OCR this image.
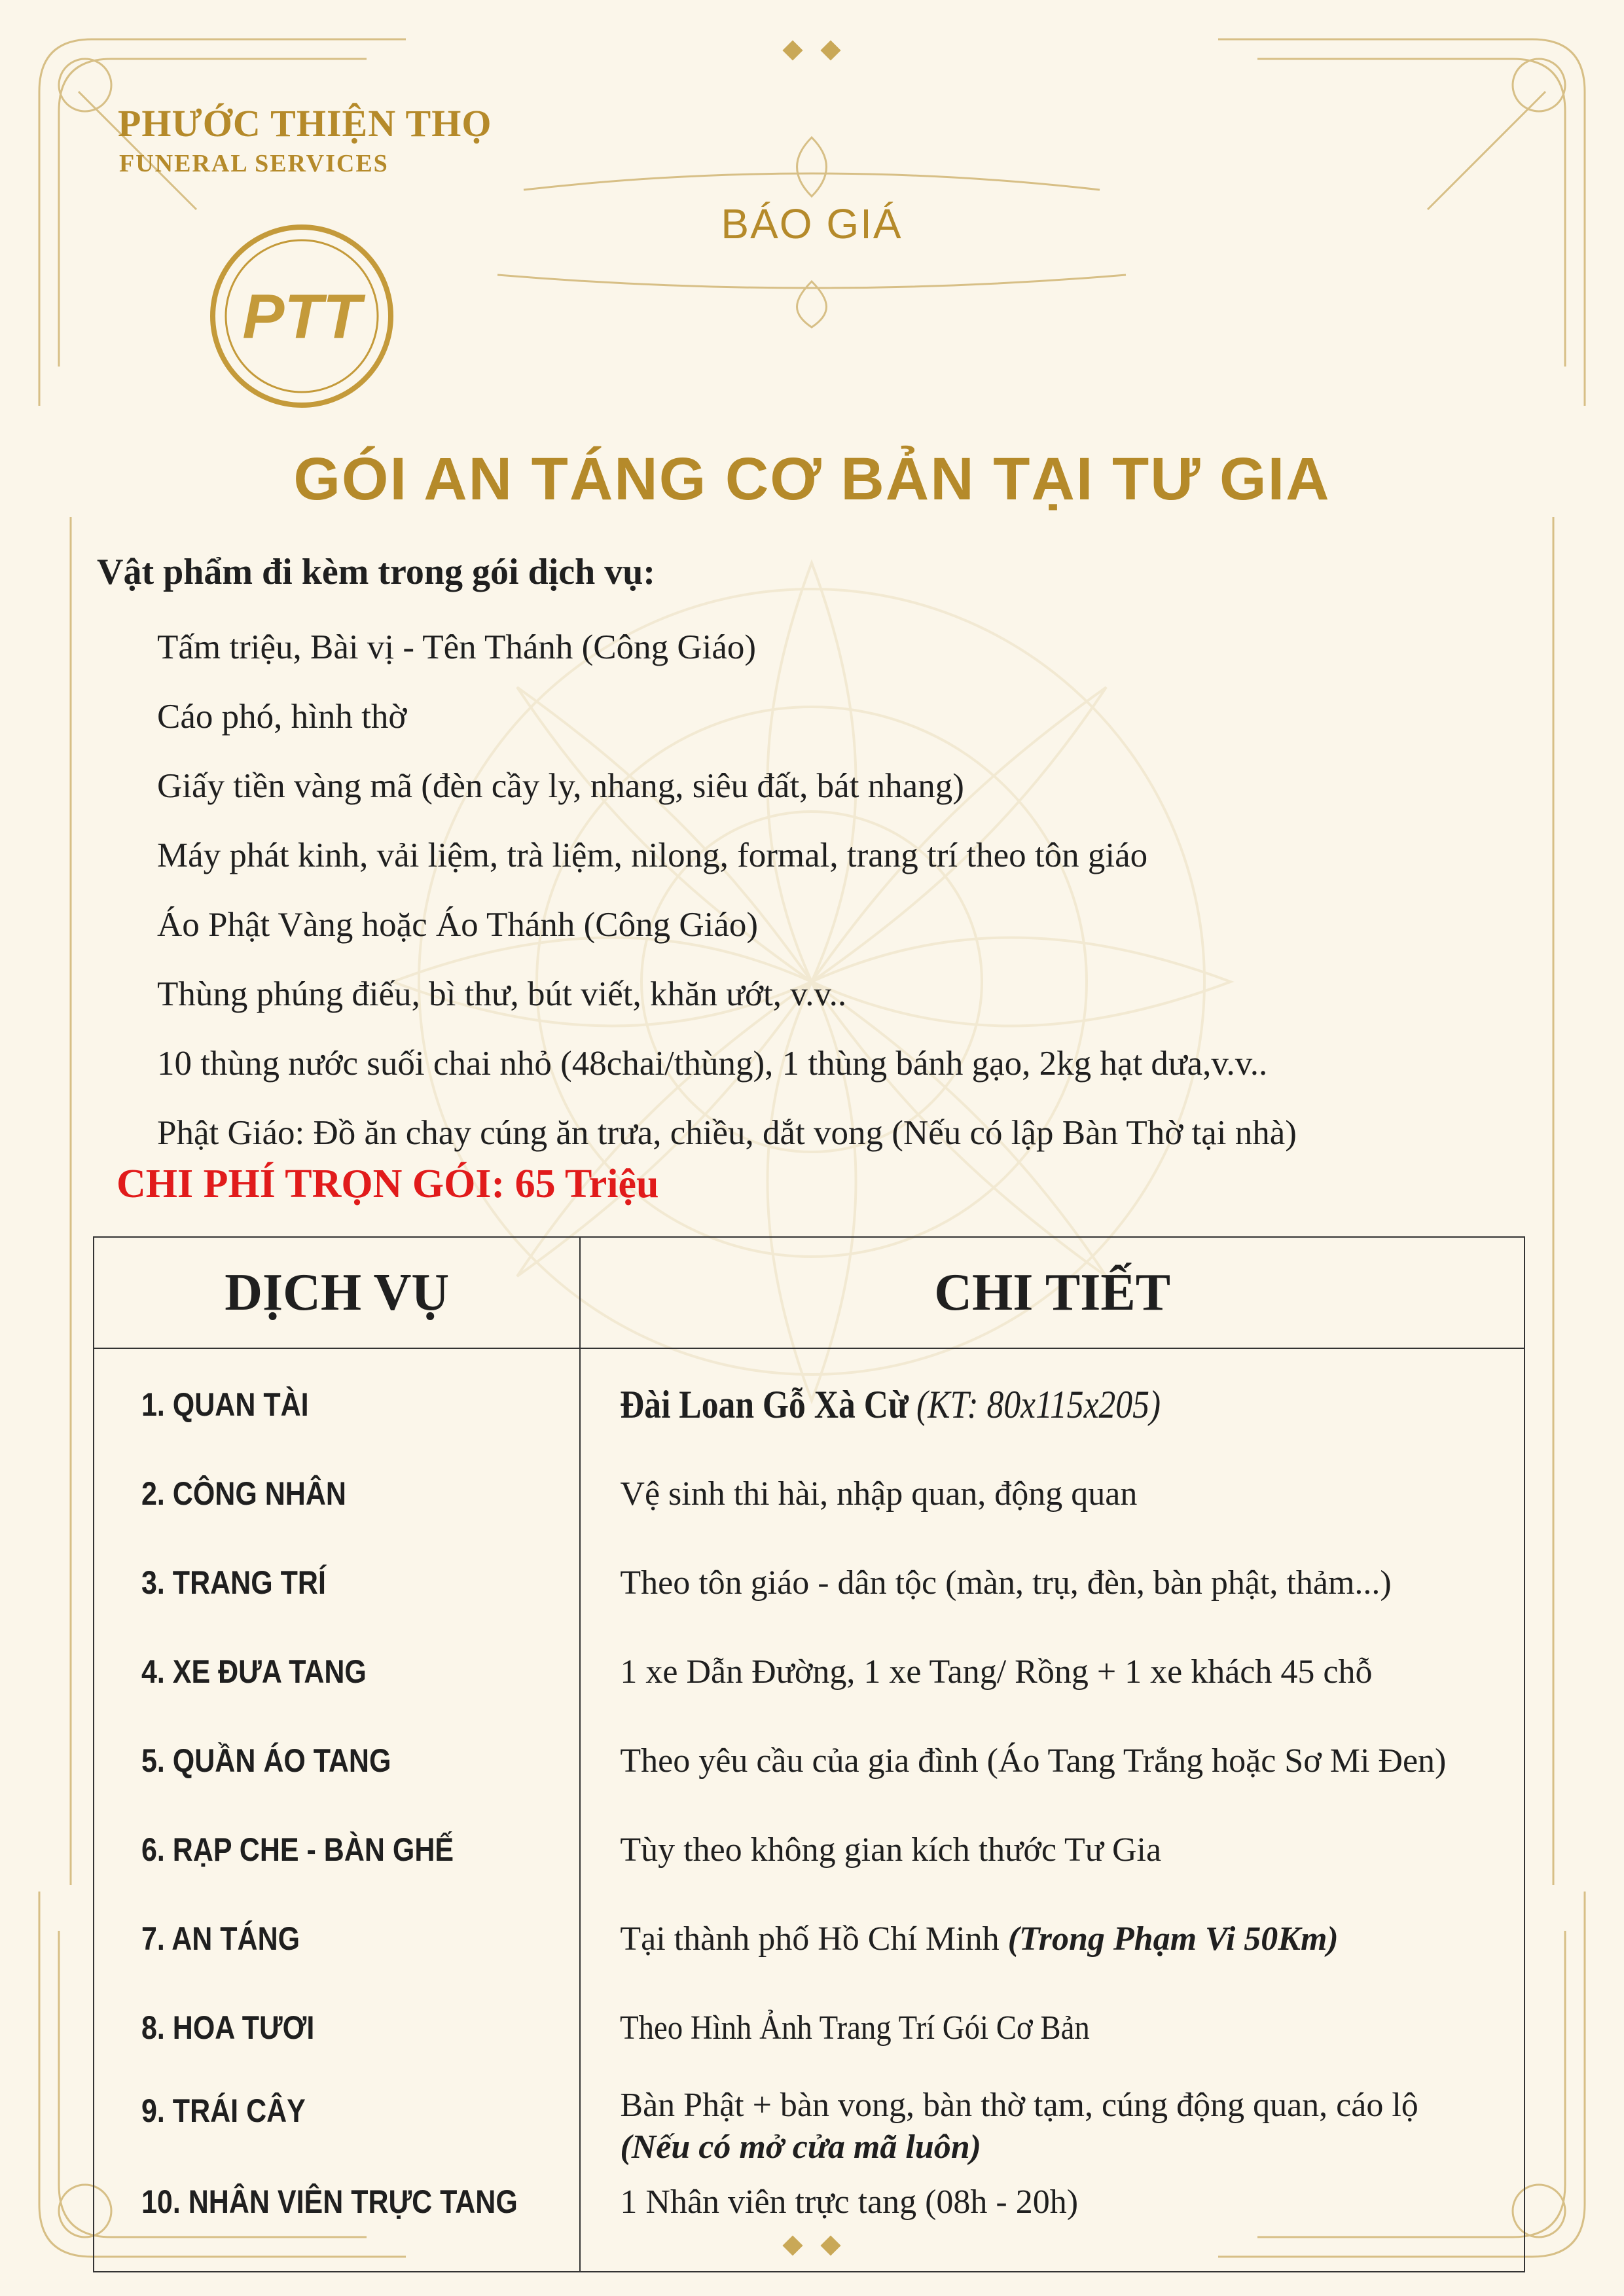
PHƯỚC THIỆN THỌ
FUNERAL SERVICES
PTT
BÁO GIÁ
GÓI AN TÁNG CƠ BẢN TẠI TƯ GIA
Vật phẩm đi kèm trong gói dịch vụ:
Tấm triệu, Bài vị - Tên Thánh (Công Giáo)
Cáo phó, hình thờ
Giấy tiền vàng mã (đèn cầy ly, nhang, siêu đất, bát nhang)
Máy phát kinh, vải liệm, trà liệm, nilong, formal, trang trí theo tôn giáo
Áo Phật Vàng hoặc Áo Thánh (Công Giáo)
Thùng phúng điếu, bì thư, bút viết, khăn ướt, v.v..
10 thùng nước suối chai nhỏ (48chai/thùng), 1 thùng bánh gạo, 2kg hạt dưa,v.v..
Phật Giáo: Đồ ăn chay cúng ăn trưa, chiều, dắt vong (Nếu có lập Bàn Thờ tại nhà)
CHI PHÍ TRỌN GÓI: 65 Triệu
DỊCH VỤ	CHI TIẾT
1. QUAN TÀI	Đài Loan Gỗ Xà Cừ (KT: 80x115x205)
2. CÔNG NHÂN	Vệ sinh thi hài, nhập quan, động quan
3. TRANG TRÍ	Theo tôn giáo - dân tộc (màn, trụ, đèn, bàn phật, thảm...)
4. XE ĐƯA TANG	1 xe Dẫn Đường, 1 xe Tang/ Rồng + 1 xe khách 45 chỗ
5. QUẦN ÁO TANG	Theo yêu cầu của gia đình (Áo Tang Trắng hoặc Sơ Mi Đen)
6. RẠP CHE - BÀN GHẾ	Tùy theo không gian kích thước Tư Gia
7. AN TÁNG	Tại thành phố Hồ Chí Minh (Trong Phạm Vi 50Km)
8. HOA TƯƠI	Theo Hình Ảnh Trang Trí Gói Cơ Bản
9. TRÁI CÂY	Bàn Phật + bàn vong, bàn thờ tạm, cúng động quan, cáo lộ
(Nếu có mở cửa mã luôn)

10. NHÂN VIÊN TRỰC TANG	1 Nhân viên trực tang (08h - 20h)
